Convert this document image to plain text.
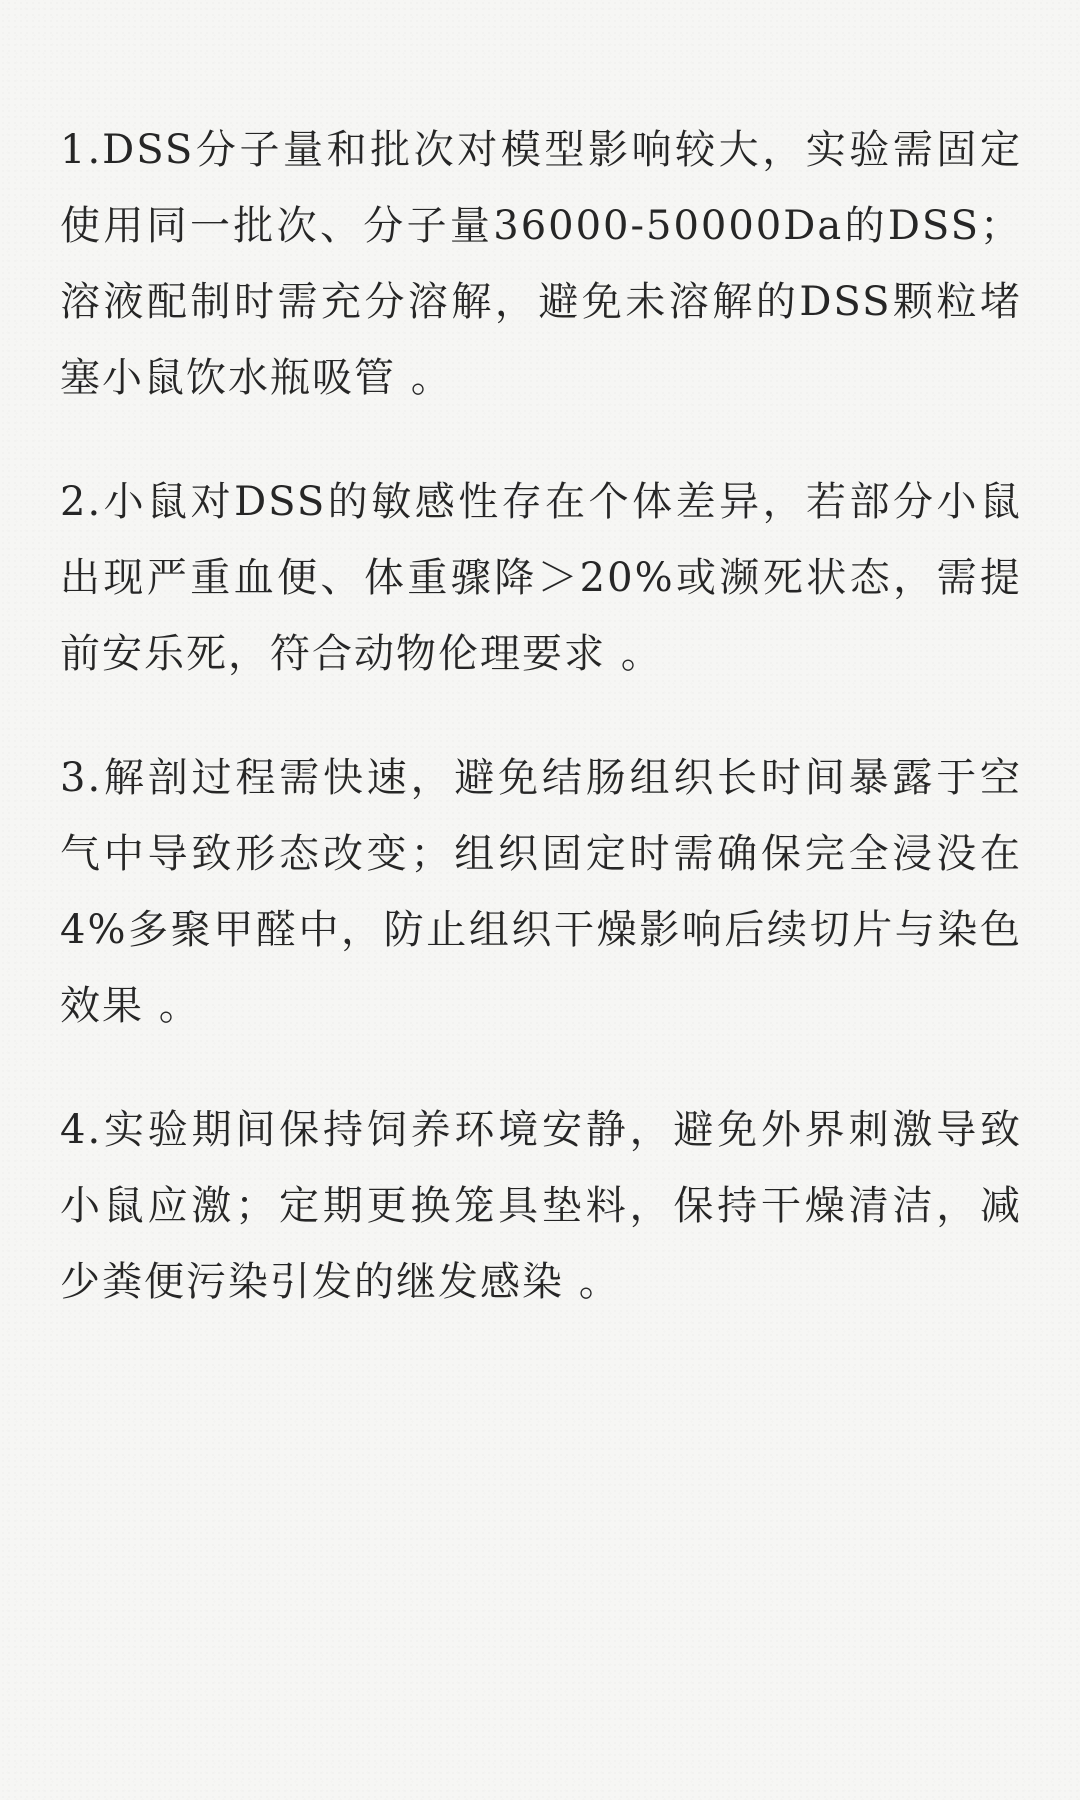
1.DSS分子量和批次对模型影响较大，实验需固定使用同一批次、分子量36000-50000Da的DSS；溶液配制时需充分溶解，避免未溶解的DSS颗粒堵塞小鼠饮水瓶吸管 。

2.小鼠对DSS的敏感性存在个体差异，若部分小鼠出现严重血便、体重骤降＞20%或濒死状态，需提前安乐死，符合动物伦理要求 。

3.解剖过程需快速，避免结肠组织长时间暴露于空气中导致形态改变；组织固定时需确保完全浸没在4%多聚甲醛中，防止组织干燥影响后续切片与染色效果 。

4.实验期间保持饲养环境安静，避免外界刺激导致小鼠应激；定期更换笼具垫料，保持干燥清洁，减少粪便污染引发的继发感染 。
